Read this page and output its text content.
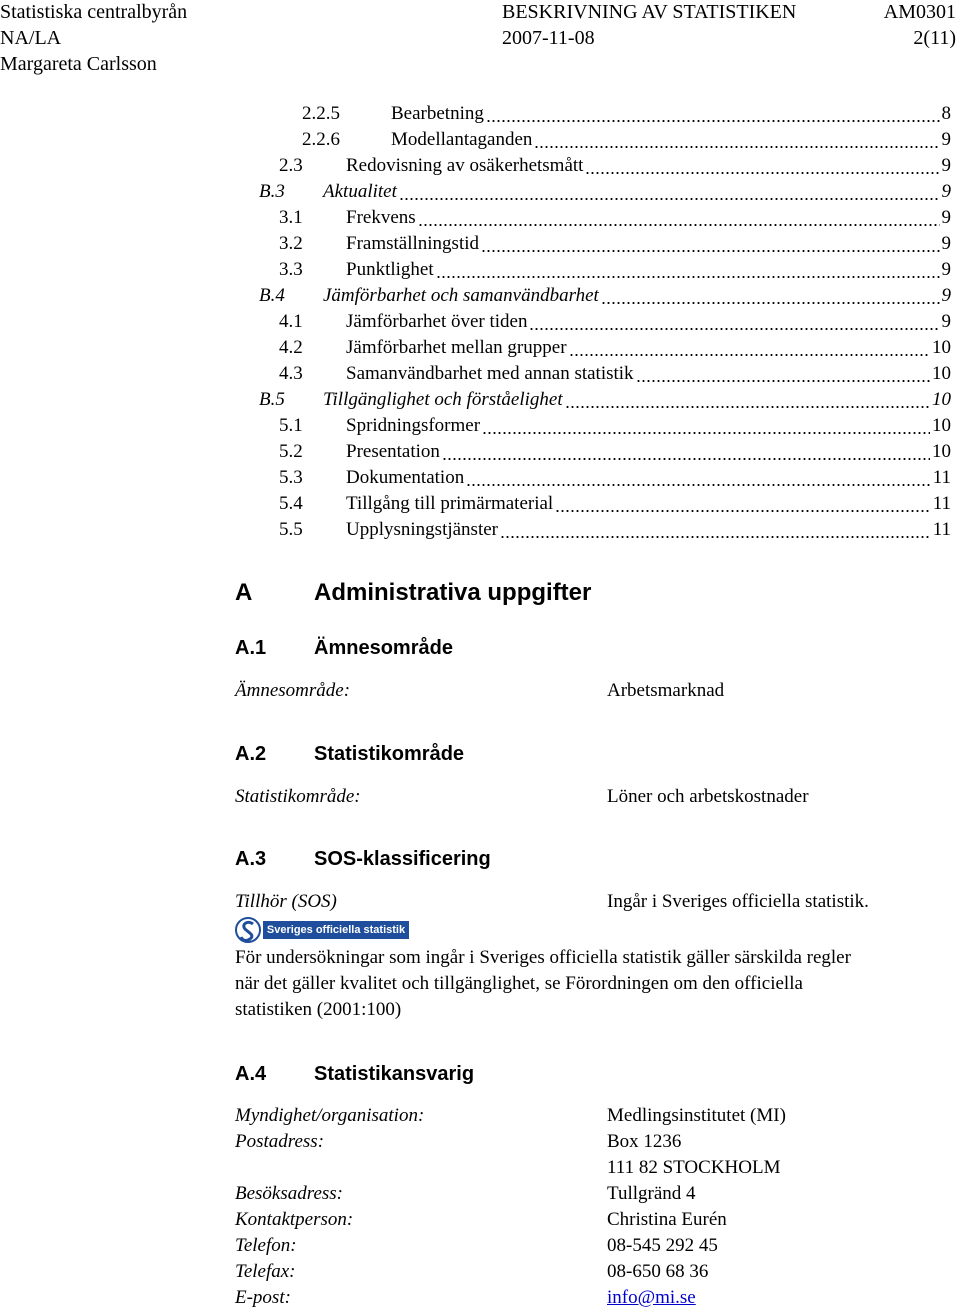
Statistiska centralbyrån	BESKRIVNING AV STATISTIKEN	AM0301
NA/LA	2007-11-08	2(11)
Margareta Carlsson
2.2.5	Bearbetning	8
2.2.6	Modellantaganden	9
2.3 Redovisning av osäkerhetsmått	9
B.3 Aktualitet	9
3.1 Frekvens	9
3.2 Framställningstid	9
3.3 Punktlighet	9
B.4 Jämförbarhet och samanvändbarhet	9
4.1 Jämförbarhet över tiden	9
4.2 Jämförbarhet mellan grupper	10
4.3 Samanvändbarhet med annan statistik	10
B.5 Tillgänglighet och förståelighet	10
5.1 Spridningsformer	10
5.2 Presentation	10
5.3 Dokumentation	11
5.4 Tillgång till primärmaterial	11
5.5 Upplysningstjänster	11
A	Administrativa uppgifter
A.1 Ämnesområde
Ämnesområde:	Arbetsmarknad
A.2 Statistikområde
Statistikområde:	Löner och arbetskostnader
A.3 SOS-klassificering
Tillhör (SOS)	Ingår i Sveriges officiella statistik.
Sveriges officiella statistik
För undersökningar som ingår i Sveriges officiella statistik gäller särskilda regler
när det gäller kvalitet och tillgänglighet, se Förordningen om den officiella
statistiken (2001:100)
A.4 Statistikansvarig
Myndighet/organisation:	Medlingsinstitutet (MI)
Postadress:	Box 1236
111 82 STOCKHOLM
Besöksadress:	Tullgränd 4
Kontaktperson:	Christina Eurén
Telefon:	08-545 292 45
Telefax:	08-650 68 36
E-post:	info@mi.se
